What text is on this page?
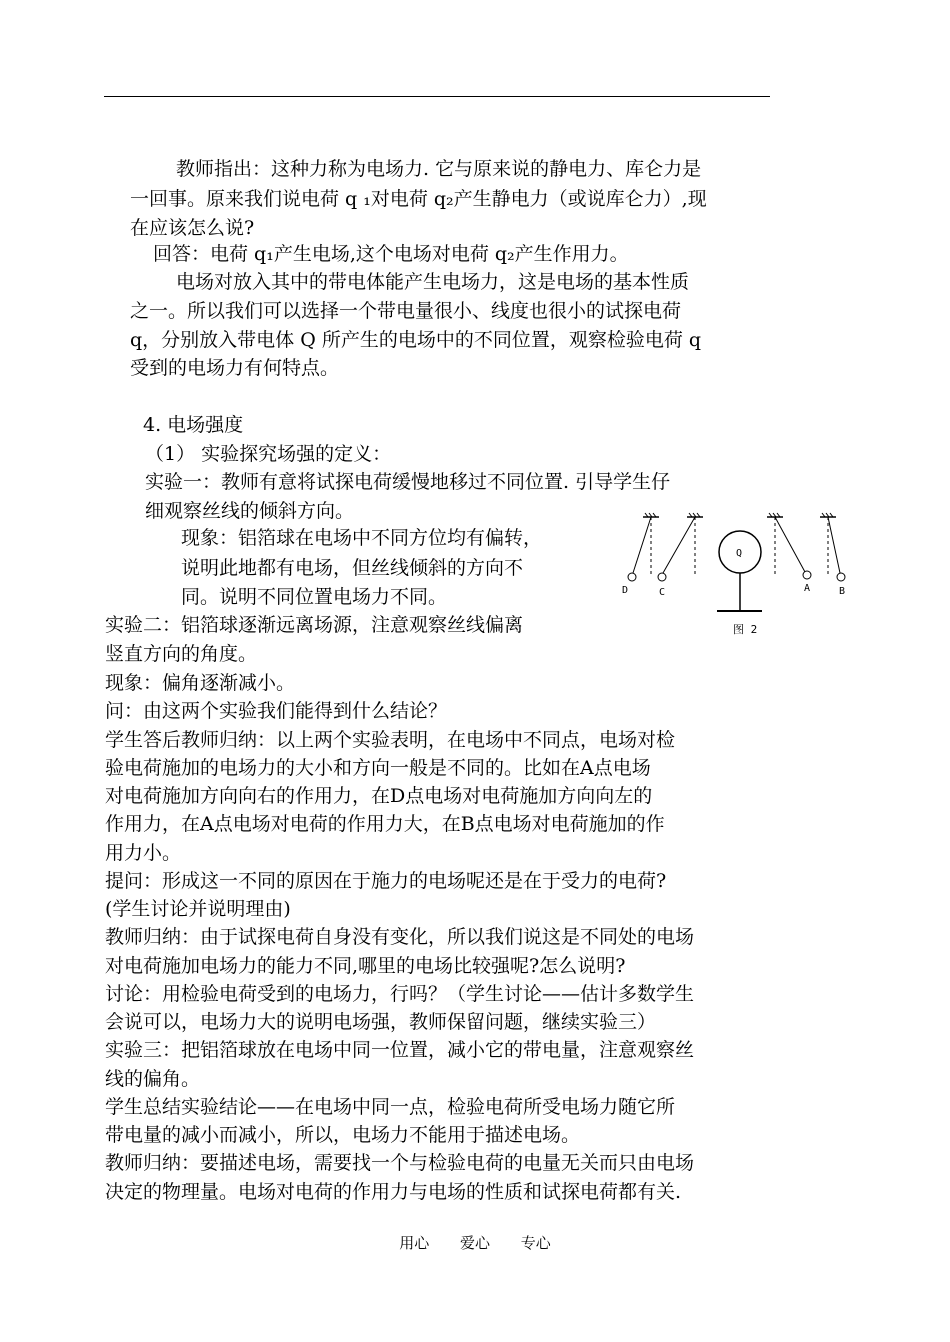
教师指出：这种力称为电场力. 它与原来说的静电力、库仑力是
一回事。原来我们说电荷 q ₁对电荷 q₂产生静电力（或说库仑力）,现
在应该怎么说?
回答：电荷 q₁产生电场,这个电场对电荷 q₂产生作用力。
电场对放入其中的带电体能产生电场力，这是电场的基本性质
之一。所以我们可以选择一个带电量很小、线度也很小的试探电荷
q，分别放入带电体 Q 所产生的电场中的不同位置，观察检验电荷 q
受到的电场力有何特点。
4. 电场强度
（1） 实验探究场强的定义：
实验一：教师有意将试探电荷缓慢地移过不同位置. 引导学生仔
细观察丝线的倾斜方向。
现象：铝箔球在电场中不同方位均有偏转，
说明此地都有电场，但丝线倾斜的方向不
同。说明不同位置电场力不同。
实验二：铝箔球逐渐远离场源，注意观察丝线偏离
竖直方向的角度。
现象：偏角逐渐减小。
问：由这两个实验我们能得到什么结论？
学生答后教师归纳：以上两个实验表明，在电场中不同点，电场对检
验电荷施加的电场力的大小和方向一般是不同的。比如在A点电场
对电荷施加方向向右的作用力，在D点电场对电荷施加方向向左的
作用力，在A点电场对电荷的作用力大，在B点电场对电荷施加的作
用力小。
提问：形成这一不同的原因在于施力的电场呢还是在于受力的电荷?
(学生讨论并说明理由)
教师归纳：由于试探电荷自身没有变化，所以我们说这是不同处的电场
对电荷施加电场力的能力不同,哪里的电场比较强呢?怎么说明?
讨论：用检验电荷受到的电场力，行吗？（学生讨论——估计多数学生
会说可以，电场力大的说明电场强，教师保留问题，继续实验三）
实验三：把铝箔球放在电场中同一位置，减小它的带电量，注意观察丝
线的偏角。
学生总结实验结论——在电场中同一点，检验电荷所受电场力随它所
带电量的减小而减小，所以，电场力不能用于描述电场。
教师归纳：要描述电场，需要找一个与检验电荷的电量无关而只由电场
决定的物理量。电场对电荷的作用力与电场的性质和试探电荷都有关.
Q
D	C	A	B
图 2
用心 爱心 专心
